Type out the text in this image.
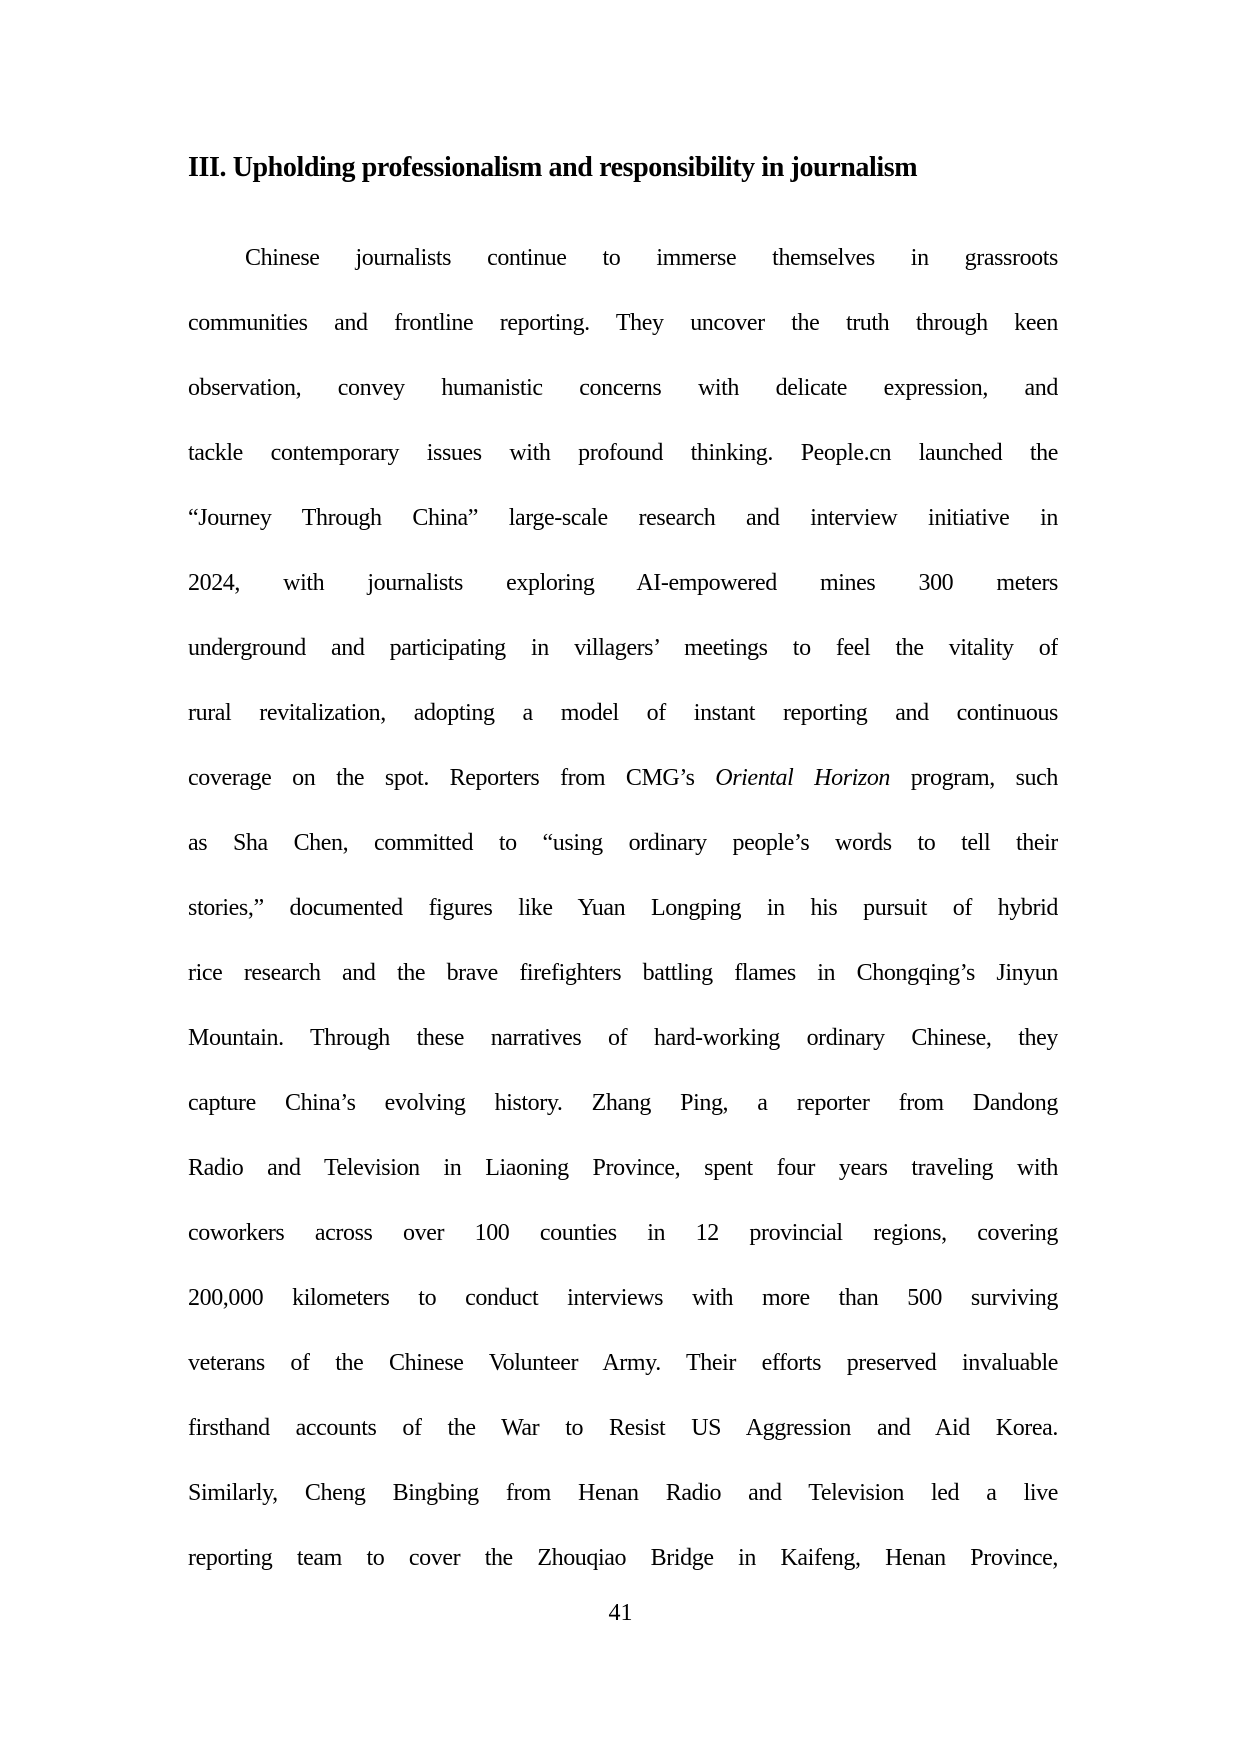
III. Upholding professionalism and responsibility in journalism
Chinese journalists continue to immerse themselves in grassroots
communities and frontline reporting. They uncover the truth through keen
observation, convey humanistic concerns with delicate expression, and
tackle contemporary issues with profound thinking. People.cn launched the
“Journey Through China” large-scale research and interview initiative in
2024, with journalists exploring AI-empowered mines 300 meters
underground and participating in villagers’ meetings to feel the vitality of
rural revitalization, adopting a model of instant reporting and continuous
coverage on the spot. Reporters from CMG’s Oriental Horizon program, such
as Sha Chen, committed to “using ordinary people’s words to tell their
stories,” documented figures like Yuan Longping in his pursuit of hybrid
rice research and the brave firefighters battling flames in Chongqing’s Jinyun
Mountain. Through these narratives of hard-working ordinary Chinese, they
capture China’s evolving history. Zhang Ping, a reporter from Dandong
Radio and Television in Liaoning Province, spent four years traveling with
coworkers across over 100 counties in 12 provincial regions, covering
200,000 kilometers to conduct interviews with more than 500 surviving
veterans of the Chinese Volunteer Army. Their efforts preserved invaluable
firsthand accounts of the War to Resist US Aggression and Aid Korea.
Similarly, Cheng Bingbing from Henan Radio and Television led a live
reporting team to cover the Zhouqiao Bridge in Kaifeng, Henan Province,
41
